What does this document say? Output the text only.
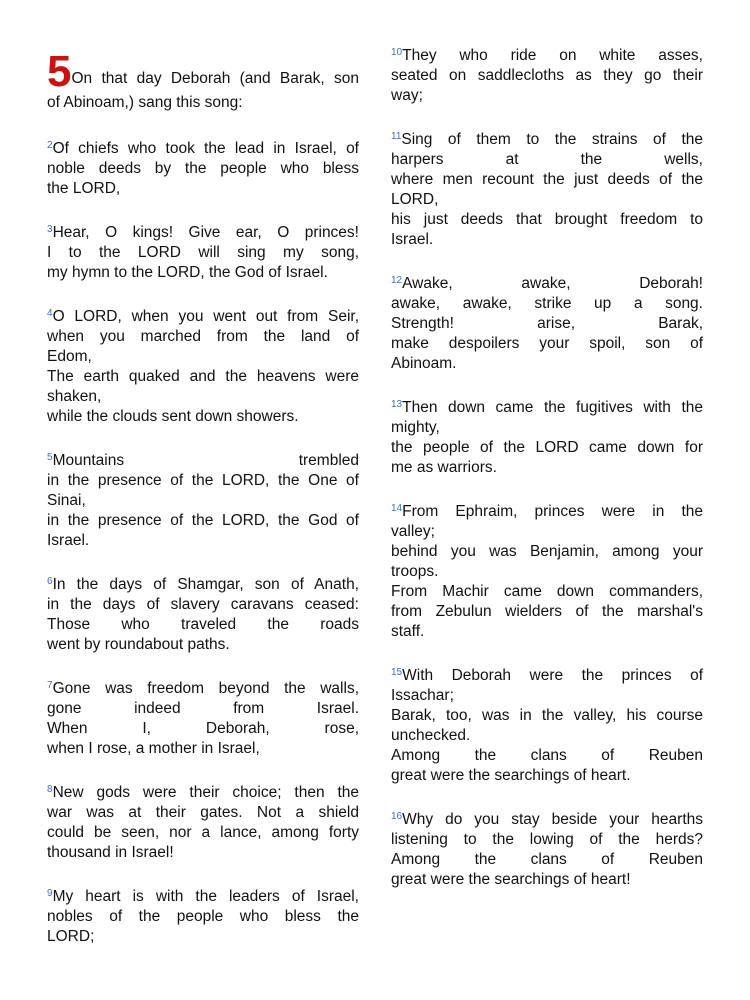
5On that day Deborah (and Barak, son
of Abinoam,) sang this song:
$^2$Of chiefs who took the lead in Israel, of
noble deeds by the people who bless
the LORD,
$^3$Hear, O kings! Give ear, O princes!
I to the LORD will sing my song,
my hymn to the LORD, the God of Israel.
$^4$O LORD, when you went out from Seir,
when you marched from the land of
Edom,
The earth quaked and the heavens were
shaken,
while the clouds sent down showers.
$^5$Mountains trembled
in the presence of the LORD, the One of
Sinai,
in the presence of the LORD, the God of
Israel.
$^6$In the days of Shamgar, son of Anath,
in the days of slavery caravans ceased:
Those who traveled the roads
went by roundabout paths.
$^7$Gone was freedom beyond the walls,
gone indeed from Israel.
When I, Deborah, rose,
when I rose, a mother in Israel,
$^8$New gods were their choice; then the
war was at their gates. Not a shield
could be seen, nor a lance, among forty
thousand in Israel!
$^9$My heart is with the leaders of Israel,
nobles of the people who bless the
LORD;
$^{10}$They who ride on white asses,
seated on saddlecloths as they go their
way;
$^{11}$Sing of them to the strains of the
harpers at the wells,
where men recount the just deeds of the
LORD,
his just deeds that brought freedom to
Israel.
$^{12}$Awake, awake, Deborah!
awake, awake, strike up a song.
Strength! arise, Barak,
make despoilers your spoil, son of
Abinoam.
$^{13}$Then down came the fugitives with the
mighty,
the people of the LORD came down for
me as warriors.
$^{14}$From Ephraim, princes were in the
valley;
behind you was Benjamin, among your
troops.
From Machir came down commanders,
from Zebulun wielders of the marshal's
staff.
$^{15}$With Deborah were the princes of
Issachar;
Barak, too, was in the valley, his course
unchecked.
Among the clans of Reuben
great were the searchings of heart.
$^{16}$Why do you stay beside your hearths
listening to the lowing of the herds?
Among the clans of Reuben
great were the searchings of heart!
